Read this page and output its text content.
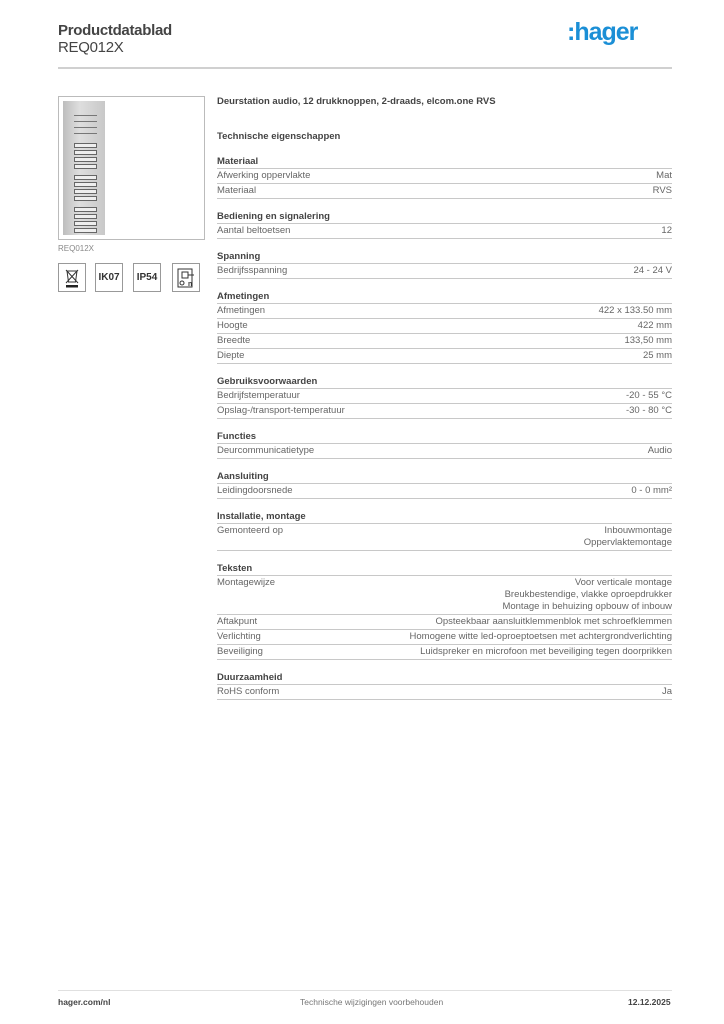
Productdatablad
REQ012X
:hager
REQ012X
IK07	IP54
n
Deurstation audio, 12 drukknoppen, 2-draads, elcom.one RVS
Technische eigenschappen
Materiaal
Afwerking oppervlakte	Mat
Materiaal	RVS
Bediening en signalering
Aantal beltoetsen	12
Spanning
Bedrijfsspanning	24 - 24 V
Afmetingen
Afmetingen	422 x 133.50 mm
Hoogte	422 mm
Breedte	133,50 mm
Diepte	25 mm
Gebruiksvoorwaarden
Bedrijfstemperatuur	-20 - 55 °C
Opslag-/transport-temperatuur	-30 - 80 °C
Functies
Deurcommunicatietype	Audio
Aansluiting
Leidingdoorsnede	0 - 0 mm²
Installatie, montage
Gemonteerd op	Inbouwmontage
Oppervlaktemontage
Teksten
Montagewijze	Voor verticale montage
Breukbestendige, vlakke oproepdrukker
Montage in behuizing opbouw of inbouw
Aftakpunt	Opsteekbaar aansluitklemmenblok met schroefklemmen
Verlichting	Homogene witte led-oproeptoetsen met achtergrondverlichting
Beveiliging	Luidspreker en microfoon met beveiliging tegen doorprikken
Duurzaamheid
RoHS conform	Ja
hager.com/nl	Technische wijzigingen voorbehouden	12.12.2025
